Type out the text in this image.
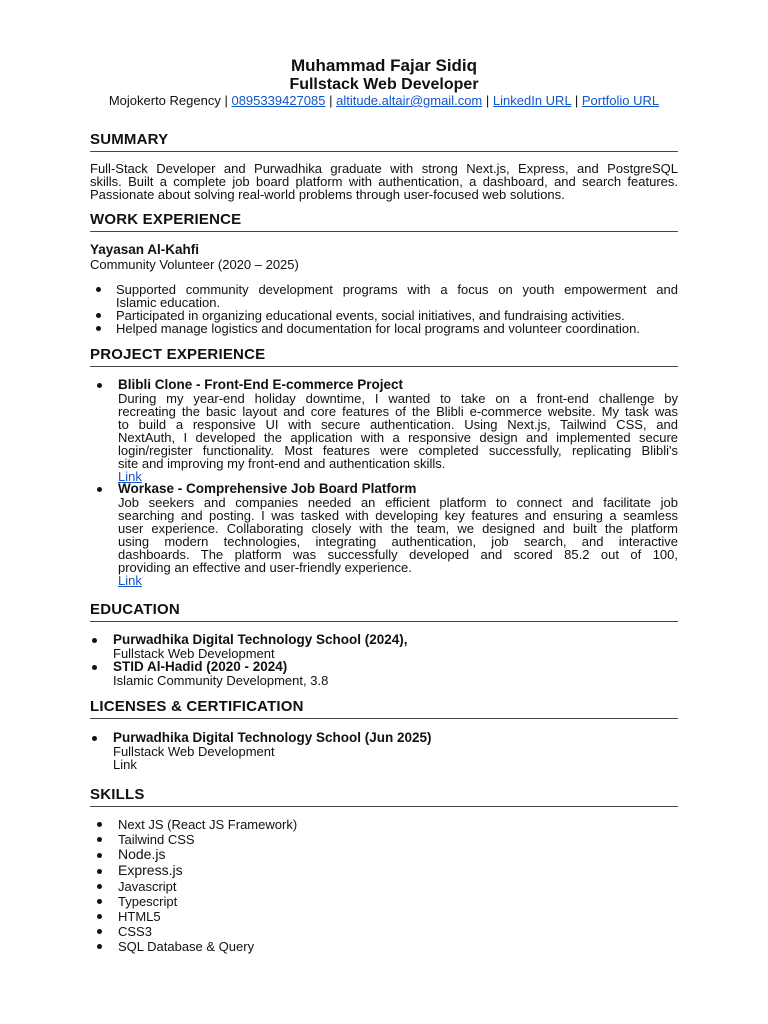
Muhammad Fajar Sidiq
Fullstack Web Developer
Mojokerto Regency | 0895339427085 | altitude.altair@gmail.com | LinkedIn URL | Portfolio URL
SUMMARY
Full-Stack Developer and Purwadhika graduate with strong Next.js, Express, and PostgreSQL
skills. Built a complete job board platform with authentication, a dashboard, and search features.
Passionate about solving real-world problems through user-focused web solutions.
WORK EXPERIENCE
Yayasan Al-Kahfi
Community Volunteer (2020 – 2025)
Supported community development programs with a focus on youth empowerment and
Islamic education.
Participated in organizing educational events, social initiatives, and fundraising activities.
Helped manage logistics and documentation for local programs and volunteer coordination.
PROJECT EXPERIENCE
Blibli Clone - Front-End E-commerce Project
During my year-end holiday downtime, I wanted to take on a front-end challenge by
recreating the basic layout and core features of the Blibli e-commerce website. My task was
to build a responsive UI with secure authentication. Using Next.js, Tailwind CSS, and
NextAuth, I developed the application with a responsive design and implemented secure
login/register functionality. Most features were completed successfully, replicating Blibli's
site and improving my front-end and authentication skills.
Link
Workase - Comprehensive Job Board Platform
Job seekers and companies needed an efficient platform to connect and facilitate job
searching and posting. I was tasked with developing key features and ensuring a seamless
user experience. Collaborating closely with the team, we designed and built the platform
using modern technologies, integrating authentication, job search, and interactive
dashboards. The platform was successfully developed and scored 85.2 out of 100,
providing an effective and user-friendly experience.
Link
EDUCATION
Purwadhika Digital Technology School (2024),
Fullstack Web Development
STID Al-Hadid (2020 - 2024)
Islamic Community Development, 3.8
LICENSES & CERTIFICATION
Purwadhika Digital Technology School (Jun 2025)
Fullstack Web Development
Link
SKILLS
Next JS (React JS Framework)
Tailwind CSS
Node.js
Express.js
Javascript
Typescript
HTML5
CSS3
SQL Database & Query
